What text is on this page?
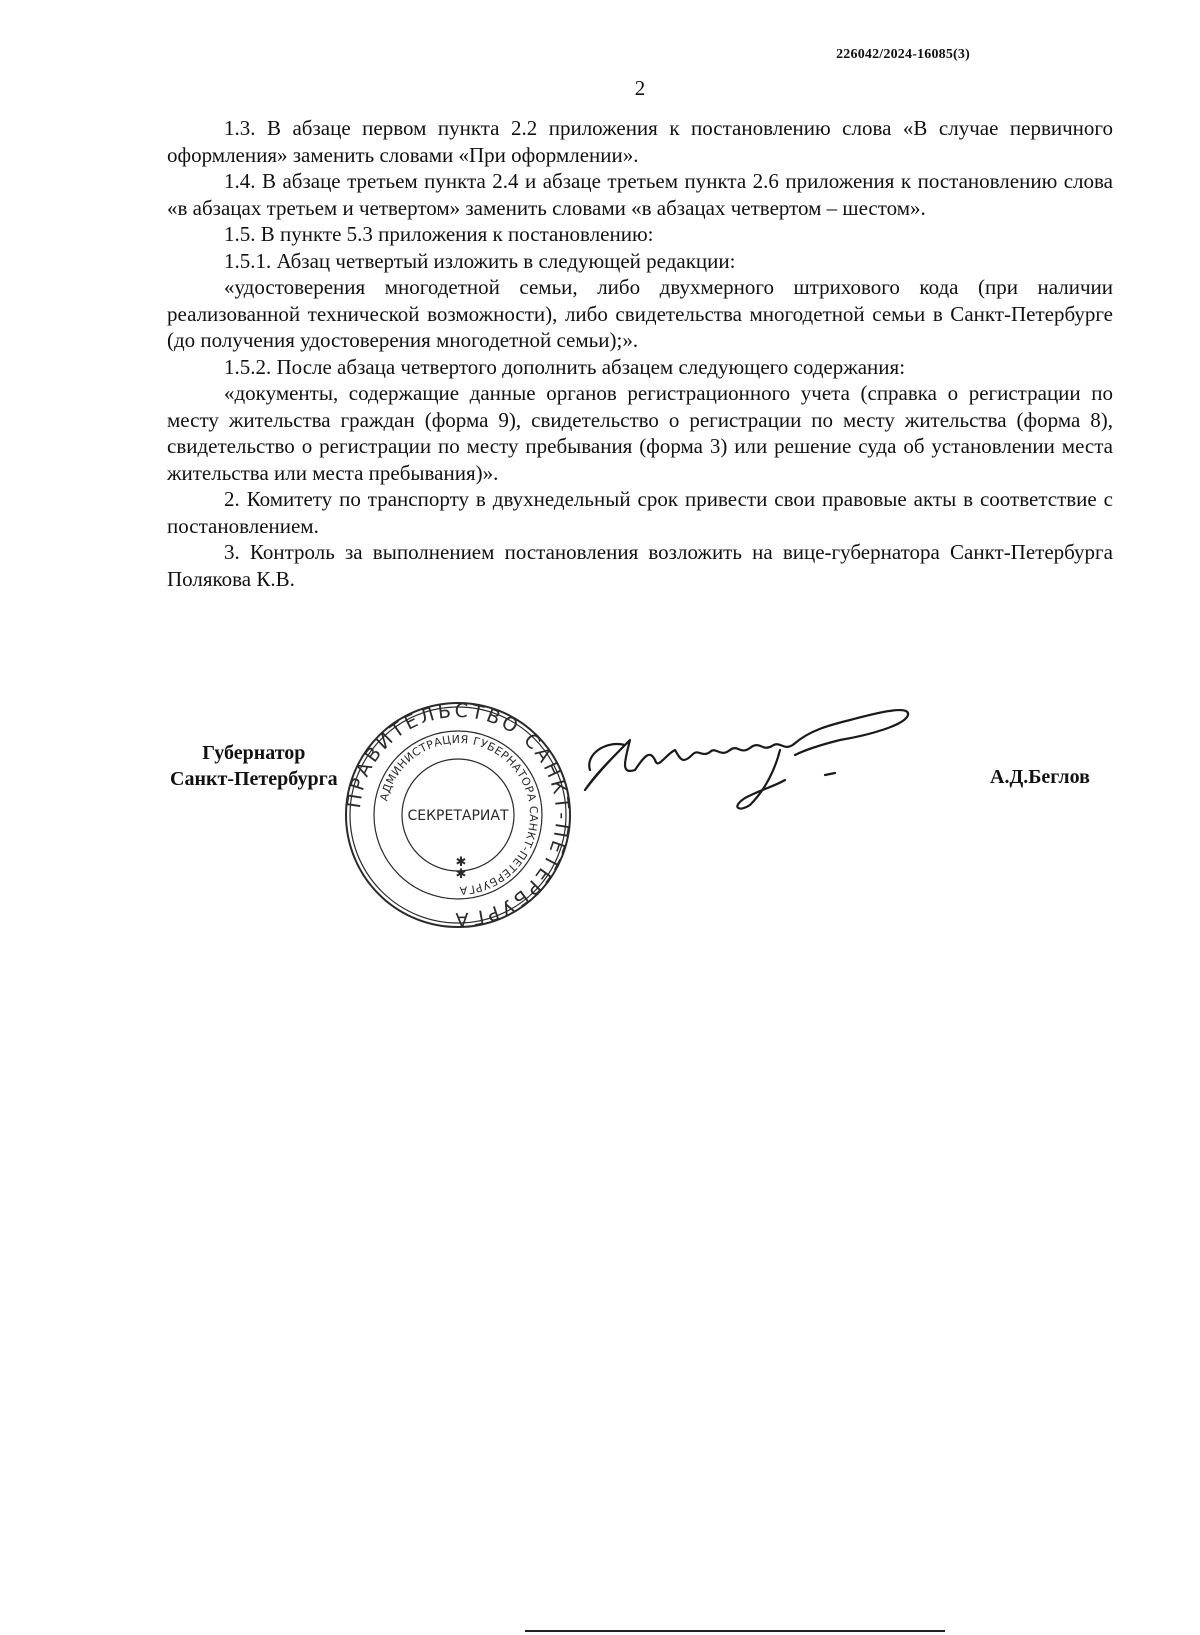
226042/2024-16085(3)
2

1.3. В абзаце первом пункта 2.2 приложения к постановлению слова «В случае первичного оформления» заменить словами «При оформлении».

1.4. В абзаце третьем пункта 2.4 и абзаце третьем пункта 2.6 приложения к постановлению слова «в абзацах третьем и четвертом» заменить словами «в абзацах четвертом – шестом».

1.5. В пункте 5.3 приложения к постановлению:

1.5.1. Абзац четвертый изложить в следующей редакции:

«удостоверения многодетной семьи, либо двухмерного штрихового кода (при наличии реализованной технической возможности), либо свидетельства многодетной семьи в Санкт-Петербурге (до получения удостоверения многодетной семьи);».

1.5.2. После абзаца четвертого дополнить абзацем следующего содержания:

«документы, содержащие данные органов регистрационного учета (справка о регистрации по месту жительства граждан (форма 9), свидетельство о регистрации по месту жительства (форма 8), свидетельство о регистрации по месту пребывания (форма 3) или решение суда об установлении места жительства или места пребывания)».

2. Комитету по транспорту в двухнедельный срок привести свои правовые акты в соответствие с постановлением.

3. Контроль за выполнением постановления возложить на вице-губернатора Санкт-Петербурга Полякова К.В.

Губернатор
Санкт-Петербурга
ПРАВИТЕЛЬСТВО САНКТ-ПЕТЕРБУРГА
АДМИНИСТРАЦИЯ ГУБЕРНАТОРА САНКТ-ПЕТЕРБУРГА
СЕКРЕТАРИАТ
✱
✱
А.Д.Беглов
